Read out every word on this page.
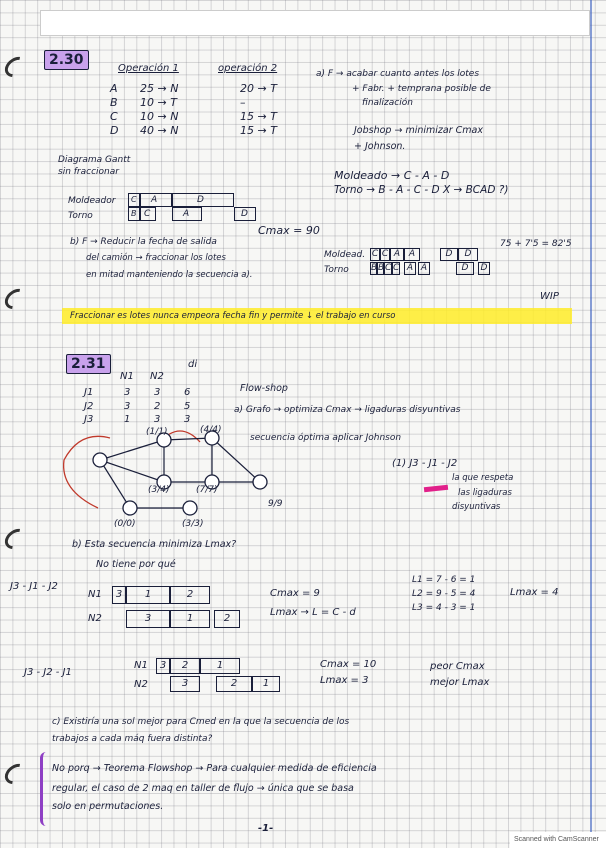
2.30
Operación 1	operación 2
A 25 → N	20 → T
B 10 → T	–
C 10 → N	15 → T
D 40 → N	15 → T
a) F → acabar cuanto antes los lotes
+ Fabr. + temprana posible de
finalización
Jobshop → minimizar Cmax
+ Johnson.
Moldeado → C - A - D
Torno → B - A - C - D X → BCAD ?)
Diagrama Gantt
sin fraccionar
Moldeador
Torno
C A	D
B C	A	D
Cmax = 90
b) F → Reducir la fecha de salida
del camión → fraccionar los lotes
en mitad manteniendo la secuencia a).
75 + 7'5 = 82'5
Moldead.
Torno
C C A A	D	D
B B C C A A	D	D
WIP
Fraccionar es lotes nunca empeora fecha fin y permite ↓ el trabajo en curso
2.31
N1 N2
di
J1	3 3 6
J2	3 2 5
J3	1 3 3
Flow-shop
a) Grafo → optimiza Cmax → ligaduras disyuntivas
secuencia óptima aplicar Johnson
(1) J3 - J1 - J2
la que respeta
las ligaduras
disyuntivas
(1/1)	(4/4)
(3/4)	(7/7)
(0/0)	(3/3)
9/9
b) Esta secuencia minimiza Lmax?
No tiene por qué
J3 - J1 - J2
N1
N2
3	1	2
3	1	2
Cmax = 9
Lmax → L = C - d
L1 = 7 - 6 = 1
L2 = 9 - 5 = 4
L3 = 4 - 3 = 1
Lmax = 4
J3 - J2 - J1
N1
N2
3	2	1
3	2	1
Cmax = 10
Lmax = 3
peor Cmax
mejor Lmax
c) Existiría una sol mejor para Cmed en la que la secuencia de los
trabajos a cada máq fuera distinta?
No porq → Teorema Flowshop → Para cualquier medida de eficiencia
regular, el caso de 2 maq en taller de flujo → única que se basa
solo en permutaciones.
-1-
Scanned with CamScanner
